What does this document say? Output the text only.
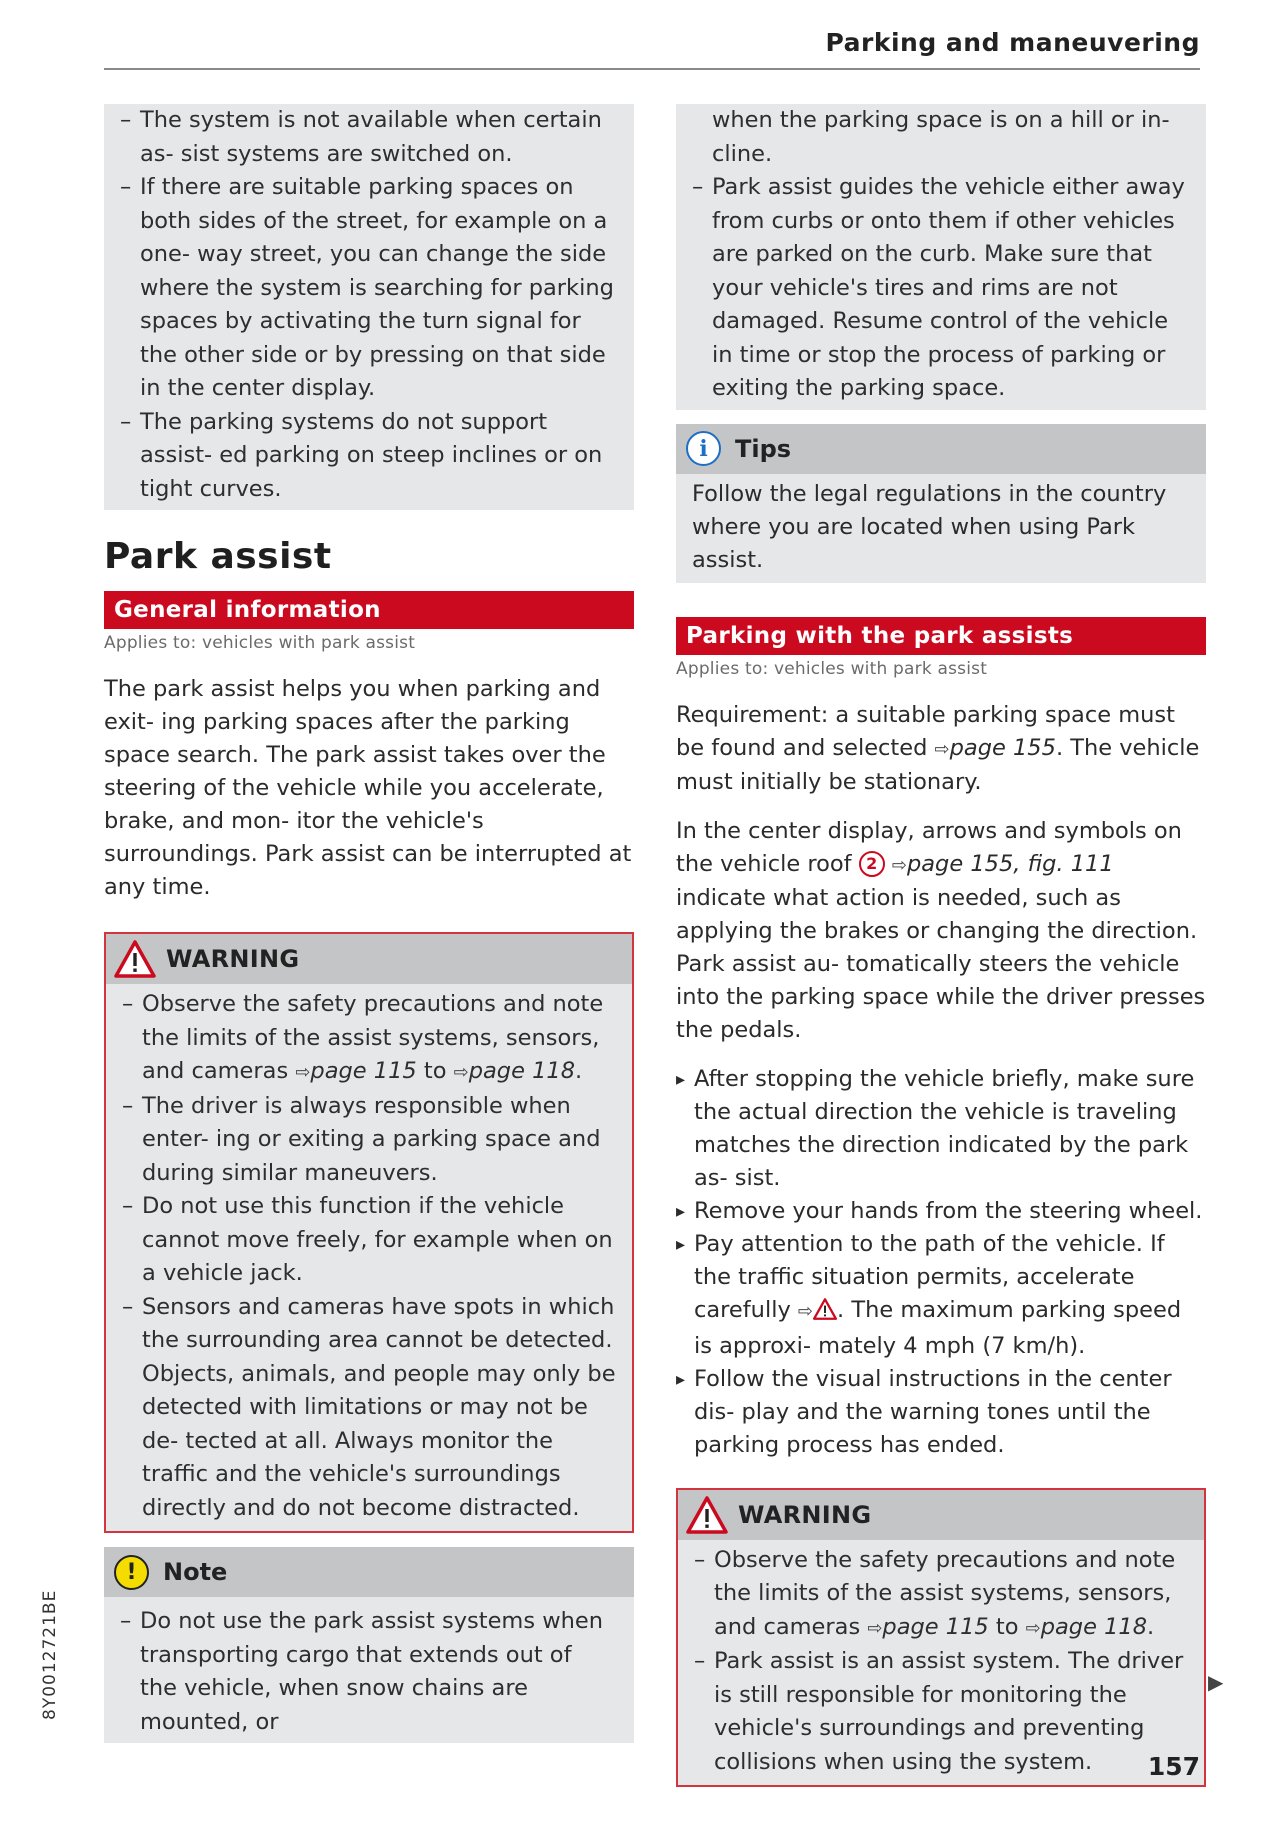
Parking and maneuvering
– The system is not available when certain as- sist systems are switched on.
– If there are suitable parking spaces on both sides of the street, for example on a one- way street, you can change the side where the system is searching for parking spaces by activating the turn signal for the other side or by pressing on that side in the center display.
– The parking systems do not support assist- ed parking on steep inclines or on tight curves.
Park assist
General information
Applies to: vehicles with park assist

The park assist helps you when parking and exit- ing parking spaces after the parking space search. The park assist takes over the steering of the vehicle while you accelerate, brake, and mon- itor the vehicle's surroundings. Park assist can be interrupted at any time.

WARNING
– Observe the safety precautions and note the limits of the assist systems, sensors, and cameras ⇨page 115 to ⇨page 118.
– The driver is always responsible when enter- ing or exiting a parking space and during similar maneuvers.
– Do not use this function if the vehicle cannot move freely, for example when on a vehicle jack.
– Sensors and cameras have spots in which the surrounding area cannot be detected. Objects, animals, and people may only be detected with limitations or may not be de- tected at all. Always monitor the traffic and the vehicle's surroundings directly and do not become distracted.
!	Note
– Do not use the park assist systems when transporting cargo that extends out of the vehicle, when snow chains are mounted, or
when the parking space is on a hill or in- cline.
– Park assist guides the vehicle either away from curbs or onto them if other vehicles are parked on the curb. Make sure that your vehicle's tires and rims are not damaged. Resume control of the vehicle in time or stop the process of parking or exiting the parking space.
i	Tips

Follow the legal regulations in the country where you are located when using Park assist.

Parking with the park assists
Applies to: vehicles with park assist

Requirement: a suitable parking space must be found and selected ⇨page 155. The vehicle must initially be stationary.

In the center display, arrows and symbols on the vehicle roof 2 ⇨page 155, fig. 111 indicate what action is needed, such as applying the brakes or changing the direction. Park assist au- tomatically steers the vehicle into the parking space while the driver presses the pedals.

▸ After stopping the vehicle briefly, make sure the actual direction the vehicle is traveling matches the direction indicated by the park as- sist.
▸ Remove your hands from the steering wheel.
▸ Pay attention to the path of the vehicle. If the traffic situation permits, accelerate carefully ⇨ . The maximum parking speed is approxi- mately 4 mph (7 km/h).
▸ Follow the visual instructions in the center dis- play and the warning tones until the parking process has ended.
WARNING
– Observe the safety precautions and note the limits of the assist systems, sensors, and cameras ⇨page 115 to ⇨page 118.
– Park assist is an assist system. The driver is still responsible for monitoring the vehicle's surroundings and preventing collisions when using the system.
▶
8Y0012721BE
157
